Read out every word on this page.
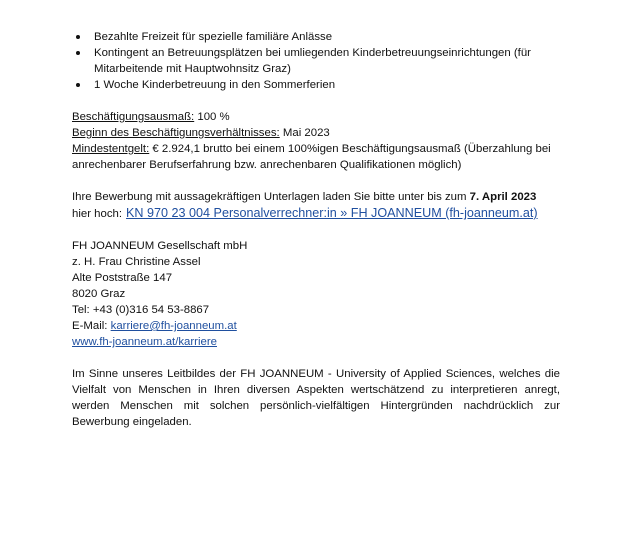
Bezahlte Freizeit für spezielle familiäre Anlässe
Kontingent an Betreuungsplätzen bei umliegenden Kinderbetreuungseinrichtungen (für Mitarbeitende mit Hauptwohnsitz Graz)
1 Woche Kinderbetreuung in den Sommerferien
Beschäftigungsausmaß: 100 %
Beginn des Beschäftigungsverhältnisses: Mai 2023
Mindestentgelt: € 2.924,1 brutto bei einem 100%igen Beschäftigungsausmaß (Überzahlung bei anrechenbarer Berufserfahrung bzw. anrechenbaren Qualifikationen möglich)
Ihre Bewerbung mit aussagekräftigen Unterlagen laden Sie bitte unter bis zum 7. April 2023
hier hoch: KN 970 23 004 Personalverrechner:in » FH JOANNEUM (fh-joanneum.at)
FH JOANNEUM Gesellschaft mbH
z. H. Frau Christine Assel
Alte Poststraße 147
8020 Graz
Tel: +43 (0)316 54 53-8867
E-Mail: karriere@fh-joanneum.at
www.fh-joanneum.at/karriere
Im Sinne unseres Leitbildes der FH JOANNEUM - University of Applied Sciences, welches die Vielfalt von Menschen in Ihren diversen Aspekten wertschätzend zu interpretieren anregt, werden Menschen mit solchen persönlich-vielfältigen Hintergründen nachdrücklich zur Bewerbung eingeladen.
